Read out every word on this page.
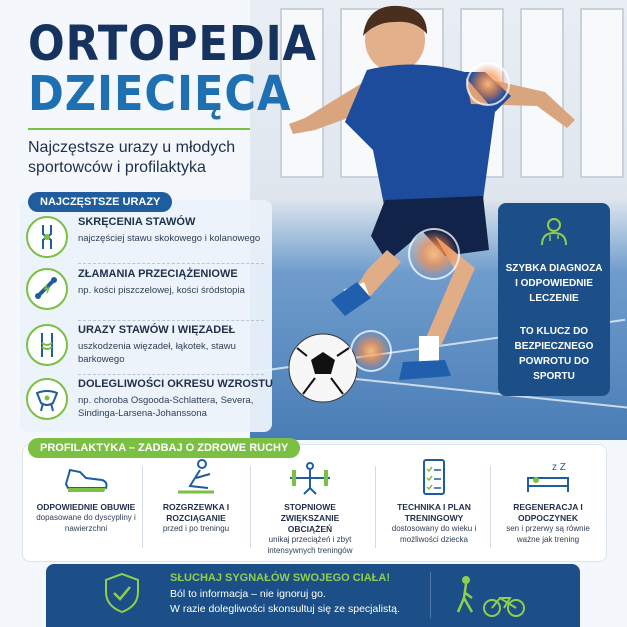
ORTOPEDIA
DZIECIĘCA
Najczęstsze urazy u młodych sportowców i profilaktyka
NAJCZĘSTSZE URAZY
SKRĘCENIA STAWÓW
najczęściej stawu skokowego i kolanowego
ZŁAMANIA PRZECIĄŻENIOWE
np. kości piszczelowej, kości śródstopia
URAZY STAWÓW I WIĘZADEŁ
uszkodzenia więzadeł, łąkotek, stawu barkowego
DOLEGLIWOŚCI OKRESU WZROSTU
np. choroba Osgooda-Schlattera, Severa, Sindinga-Larsena-Johanssona
SZYBKA DIAGNOZA I ODPOWIEDNIE LECZENIE
TO KLUCZ DO BEZPIECZNEGO POWROTU DO SPORTU
PROFILAKTYKA – ZADBAJ O ZDROWE RUCHY
ODPOWIEDNIE OBUWIE
dopasowane do dyscypliny i nawierzchni
ROZGRZEWKA I ROZCIĄGANIE
przed i po treningu
STOPNIOWE ZWIĘKSZANIE OBCIĄŻEŃ
unikaj przeciążeń i zbyt intensywnych treningów
TECHNIKA I PLAN TRENINGOWY
dostosowany do wieku i możliwości dziecka
z Z
REGENERACJA I ODPOCZYNEK
sen i przerwy są równie ważne jak trening
SŁUCHAJ SYGNAŁÓW SWOJEGO CIAŁA!
Ból to informacja – nie ignoruj go.
W razie dolegliwości skonsultuj się ze specjalistą.
